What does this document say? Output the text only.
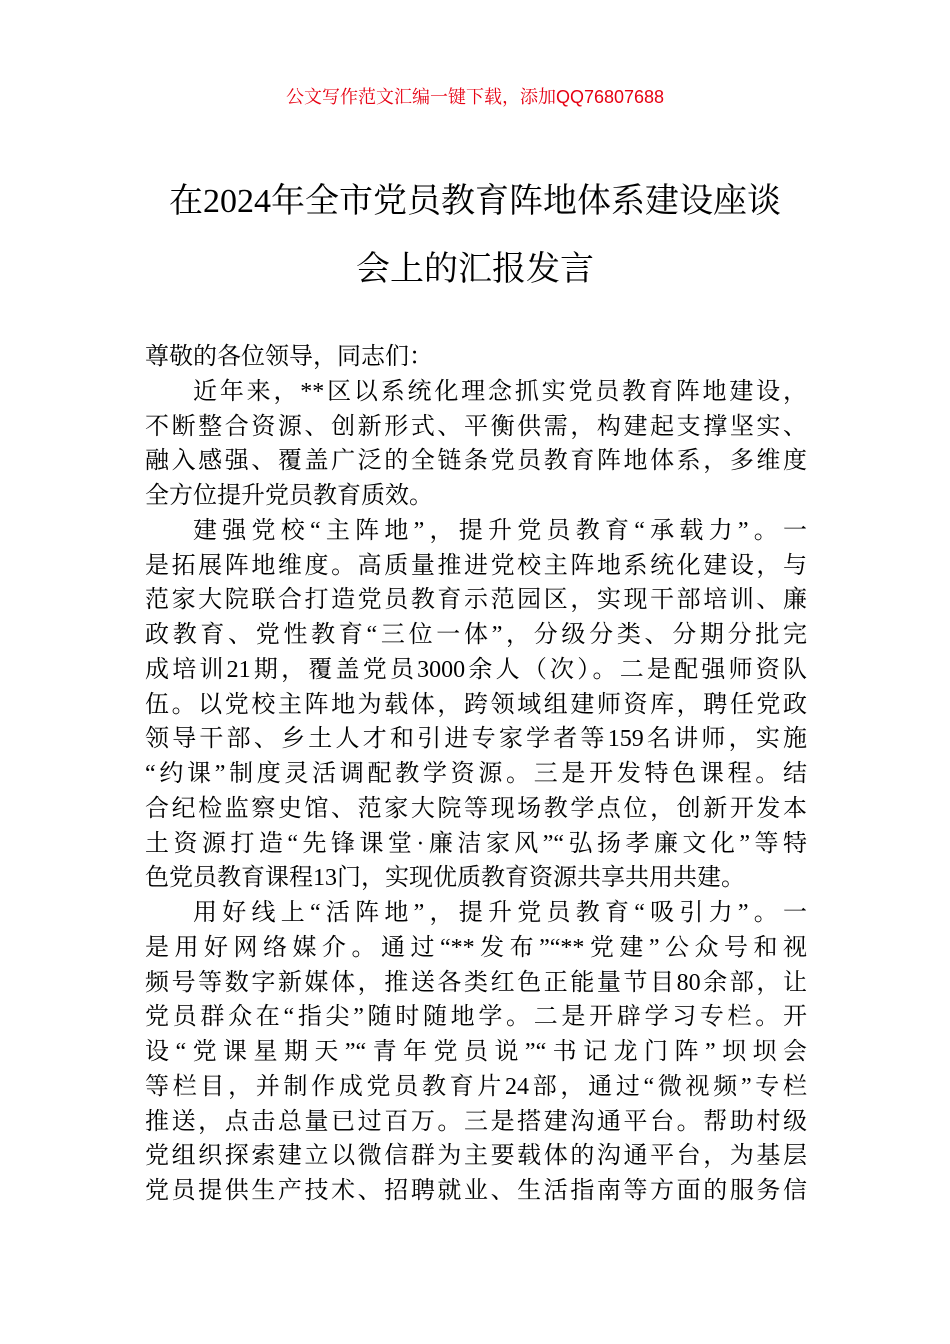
公文写作范文汇编一键下载，添加QQ76807688
在2024年全市党员教育阵地体系建设座谈
会上的汇报发言
尊敬的各位领导，同志们：
近年来，**区以系统化理念抓实党员教育阵地建设，
不断整合资源、创新形式、平衡供需，构建起支撑坚实、
融入感强、覆盖广泛的全链条党员教育阵地体系，多维度
全方位提升党员教育质效。
建强党校“主阵地”，提升党员教育“承载力”。一
是拓展阵地维度。高质量推进党校主阵地系统化建设，与
范家大院联合打造党员教育示范园区，实现干部培训、廉
政教育、党性教育“三位一体”，分级分类、分期分批完
成培训21期，覆盖党员3000余人（次）。二是配强师资队
伍。以党校主阵地为载体，跨领域组建师资库，聘任党政
领导干部、乡土人才和引进专家学者等159名讲师，实施
“约课”制度灵活调配教学资源。三是开发特色课程。结
合纪检监察史馆、范家大院等现场教学点位，创新开发本
土资源打造“先锋课堂·廉洁家风”“弘扬孝廉文化”等特
色党员教育课程13门，实现优质教育资源共享共用共建。
用好线上“活阵地”，提升党员教育“吸引力”。一
是用好网络媒介。通过“**发布”“**党建”公众号和视
频号等数字新媒体，推送各类红色正能量节目80余部，让
党员群众在“指尖”随时随地学。二是开辟学习专栏。开
设“党课星期天”“青年党员说”“书记龙门阵”坝坝会
等栏目，并制作成党员教育片24部，通过“微视频”专栏
推送，点击总量已过百万。三是搭建沟通平台。帮助村级
党组织探索建立以微信群为主要载体的沟通平台，为基层
党员提供生产技术、招聘就业、生活指南等方面的服务信
